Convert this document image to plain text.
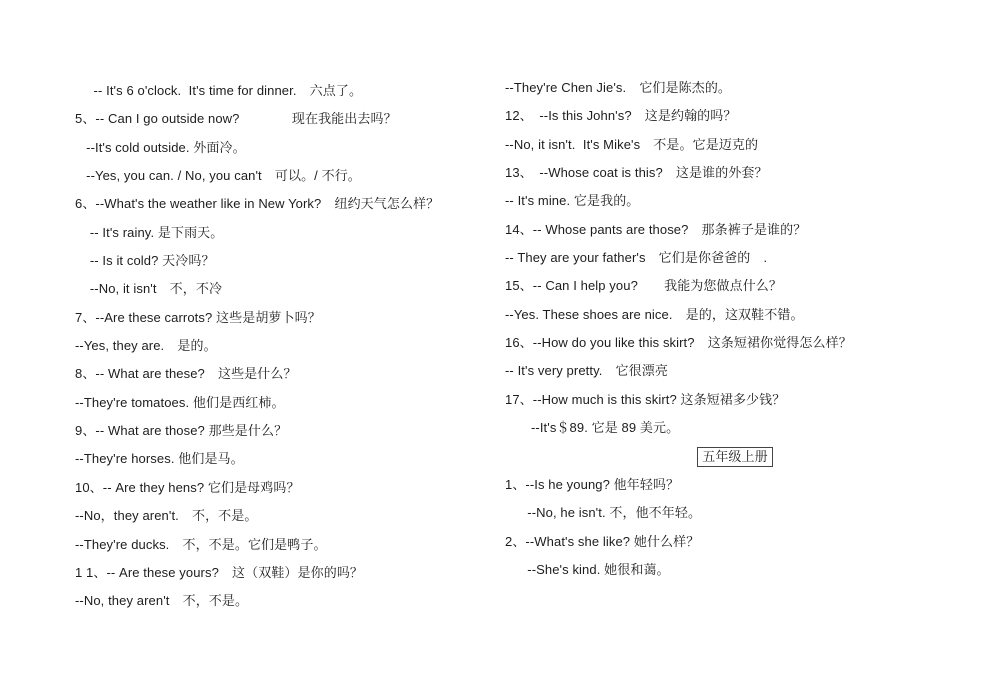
-- It's 6 o'clock.  It's time for dinner.　六点了。
5、-- Can I go outside now?　　　　现在我能出去吗？
--It's cold outside. 外面冷。
--Yes, you can. / No, you can't　可以。/ 不行。
6、--What's the weather like in New York?　纽约天气怎么样？
-- It's rainy. 是下雨天。
-- Is it cold? 天冷吗？
--No, it isn't　不，不冷
7、--Are these carrots? 这些是胡萝卜吗？
--Yes, they are.　是的。
8、-- What are these?　这些是什么？
--They're tomatoes. 他们是西红柿。
9、-- What are those? 那些是什么？
--They're horses. 他们是马。
10、-- Are they hens? 它们是母鸡吗？
--No，they aren't.　不，不是。
--They're ducks.　不，不是。它们是鸭子。
1 1、-- Are these yours?　这（双鞋）是你的吗？
--No, they aren't　不，不是。
--They're Chen Jie's.　它们是陈杰的。
12、　--Is this John's?　这是约翰的吗？
--No, it isn't.  It's Mike's　不是。它是迈克的
13、　--Whose coat is this?　这是谁的外套？
-- It's mine. 它是我的。
14、-- Whose pants are those?　那条裤子是谁的？
-- They are your father's　它们是你爸爸的　.
15、-- Can I help you?　　我能为您做点什么？
--Yes. These shoes are nice.　是的，这双鞋不错。
16、--How do you like this skirt?　这条短裙你觉得怎么样？
-- It's very pretty.　它很漂亮
17、--How much is this skirt? 这条短裙多少钱？
--It's＄89. 它是 89 美元。
五年级上册
1、--Is he young? 他年轻吗？
--No, he isn't. 不，他不年轻。
2、--What's she like? 她什么样？
--She's kind. 她很和蔼。
